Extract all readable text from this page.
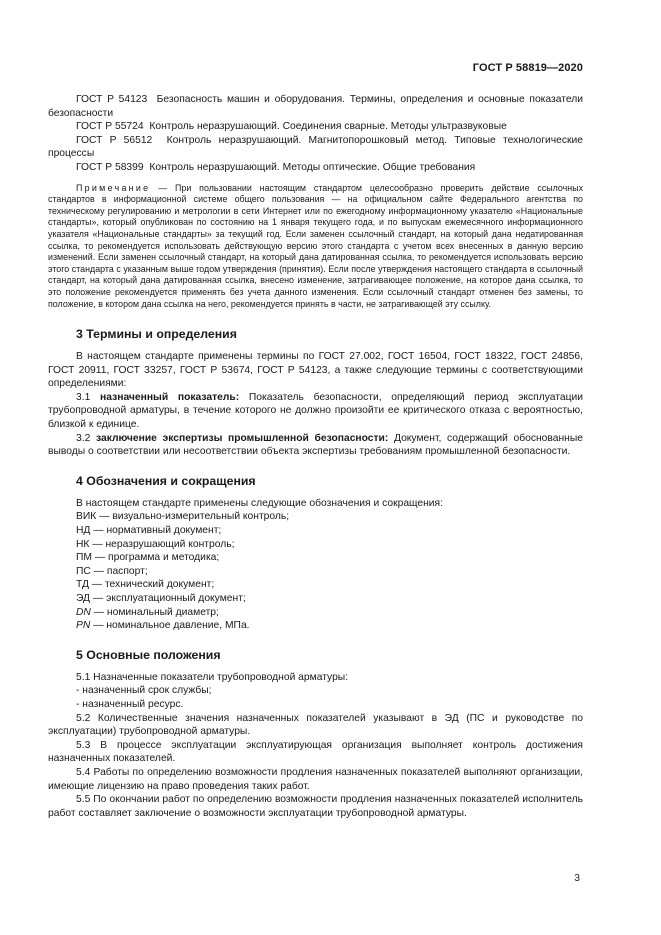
ГОСТ Р 58819—2020

ГОСТ Р 54123 Безопасность машин и оборудования. Термины, определения и основные показатели безопасности

ГОСТ Р 55724 Контроль неразрушающий. Соединения сварные. Методы ультразвуковые

ГОСТ Р 56512 Контроль неразрушающий. Магнитопорошковый метод. Типовые технологические процессы

ГОСТ Р 58399 Контроль неразрушающий. Методы оптические. Общие требования

Примечание — При пользовании настоящим стандартом целесообразно проверить действие ссылочных стандартов в информационной системе общего пользования — на официальном сайте Федерального агентства по техническому регулированию и метрологии в сети Интернет или по ежегодному информационному указателю «Национальные стандарты», который опубликован по состоянию на 1 января текущего года, и по выпускам ежемесячного информационного указателя «Национальные стандарты» за текущий год. Если заменен ссылочный стандарт, на который дана недатированная ссылка, то рекомендуется использовать действующую версию этого стандарта с учетом всех внесенных в данную версию изменений. Если заменен ссылочный стандарт, на который дана датированная ссылка, то рекомендуется использовать версию этого стандарта с указанным выше годом утверждения (принятия). Если после утверждения настоящего стандарта в ссылочный стандарт, на который дана датированная ссылка, внесено изменение, затрагивающее положение, на которое дана ссылка, то это положение рекомендуется применять без учета данного изменения. Если ссылочный стандарт отменен без замены, то положение, в котором дана ссылка на него, рекомендуется принять в части, не затрагивающей эту ссылку.

3 Термины и определения

В настоящем стандарте применены термины по ГОСТ 27.002, ГОСТ 16504, ГОСТ 18322, ГОСТ 24856, ГОСТ 20911, ГОСТ 33257, ГОСТ Р 53674, ГОСТ Р 54123, а также следующие термины с соответствующими определениями:

3.1 назначенный показатель: Показатель безопасности, определяющий период эксплуатации трубопроводной арматуры, в течение которого не должно произойти ее критического отказа с вероятностью, близкой к единице.

3.2 заключение экспертизы промышленной безопасности: Документ, содержащий обоснованные выводы о соответствии или несоответствии объекта экспертизы требованиям промышленной безопасности.

4 Обозначения и сокращения

В настоящем стандарте применены следующие обозначения и сокращения:

ВИК — визуально-измерительный контроль;

НД — нормативный документ;

НК — неразрушающий контроль;

ПМ — программа и методика;

ПС — паспорт;

ТД — технический документ;

ЭД — эксплуатационный документ;

DN — номинальный диаметр;

PN — номинальное давление, МПа.

5 Основные положения

5.1 Назначенные показатели трубопроводной арматуры:

- назначенный срок службы;

- назначенный ресурс.

5.2 Количественные значения назначенных показателей указывают в ЭД (ПС и руководстве по эксплуатации) трубопроводной арматуры.

5.3 В процессе эксплуатации эксплуатирующая организация выполняет контроль достижения назначенных показателей.

5.4 Работы по определению возможности продления назначенных показателей выполняют организации, имеющие лицензию на право проведения таких работ.

5.5 По окончании работ по определению возможности продления назначенных показателей исполнитель работ составляет заключение о возможности эксплуатации трубопроводной арматуры.

3
